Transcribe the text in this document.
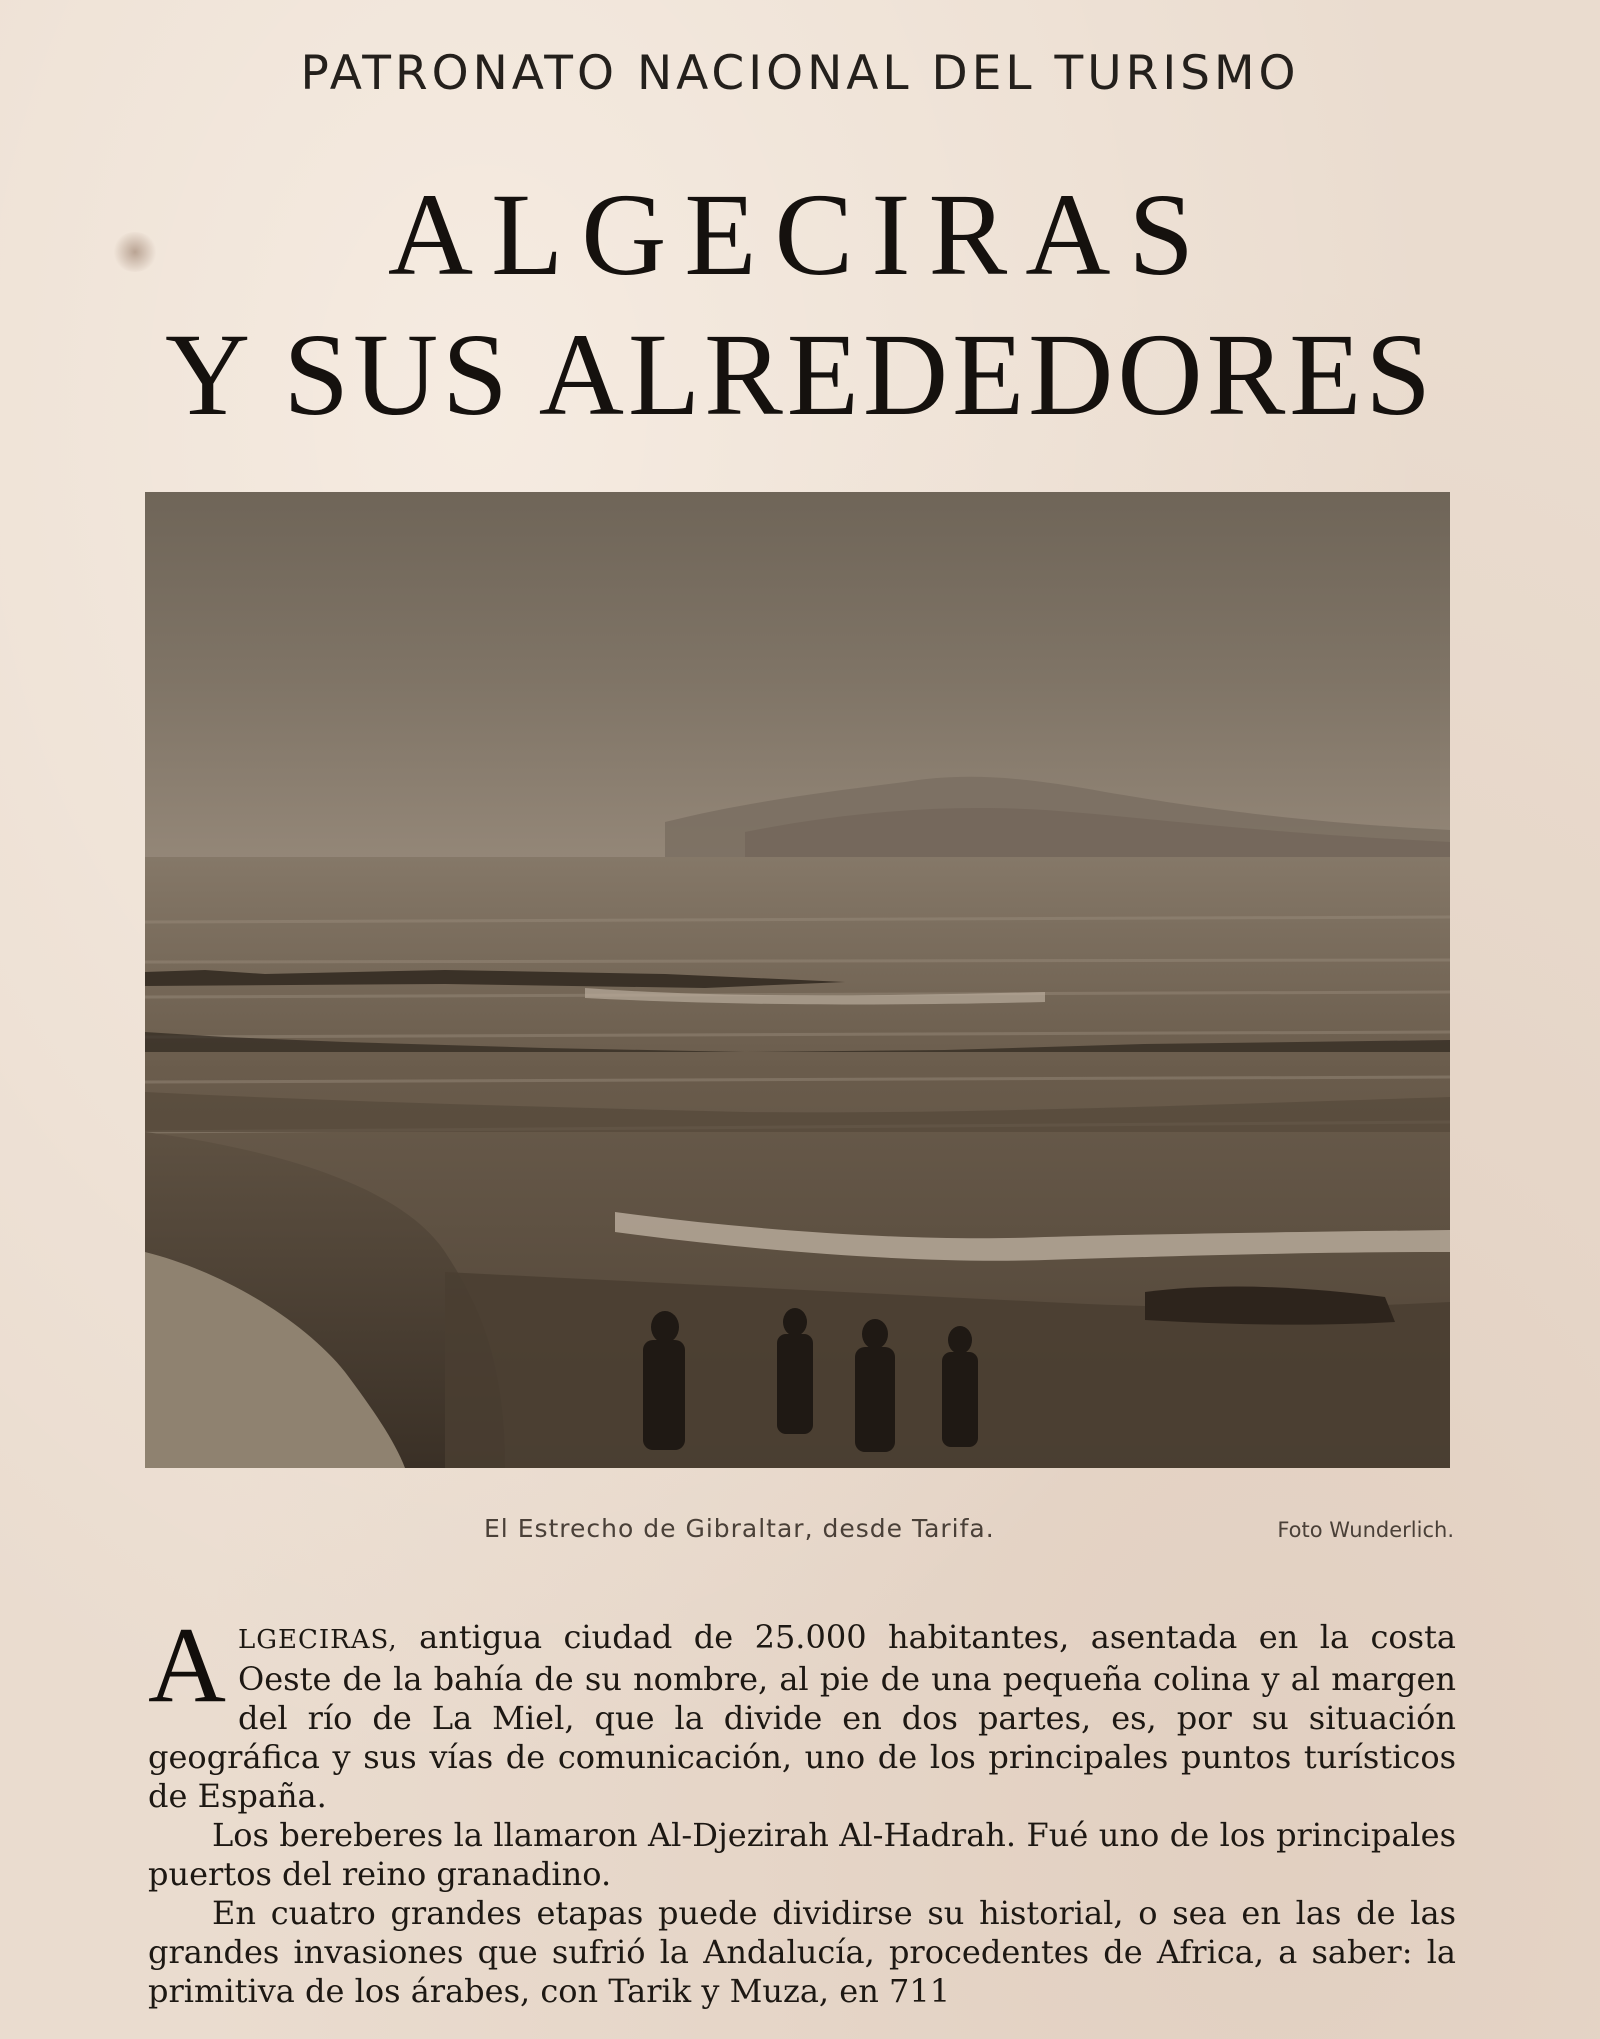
PATRONATO NACIONAL DEL TURISMO
ALGECIRAS
Y SUS ALREDEDORES
El Estrecho de Gibraltar, desde Tarifa.	Foto Wunderlich.

ALGECIRAS, antigua ciudad de 25.000 habitantes, asentada en la costa Oeste de la bahía de su nombre, al pie de una pequeña colina y al margen del río de La Miel, que la divide en dos partes, es, por su situación geográfica y sus vías de comunicación, uno de los principales puntos turísticos de España.

Los bereberes la llamaron Al-Djezirah Al-Hadrah. Fué uno de los principales puertos del reino granadino.

En cuatro grandes etapas puede dividirse su historial, o sea en las de las grandes invasiones que sufrió la Andalucía, procedentes de Africa, a saber: la primitiva de los árabes, con Tarik y Muza, en 711
